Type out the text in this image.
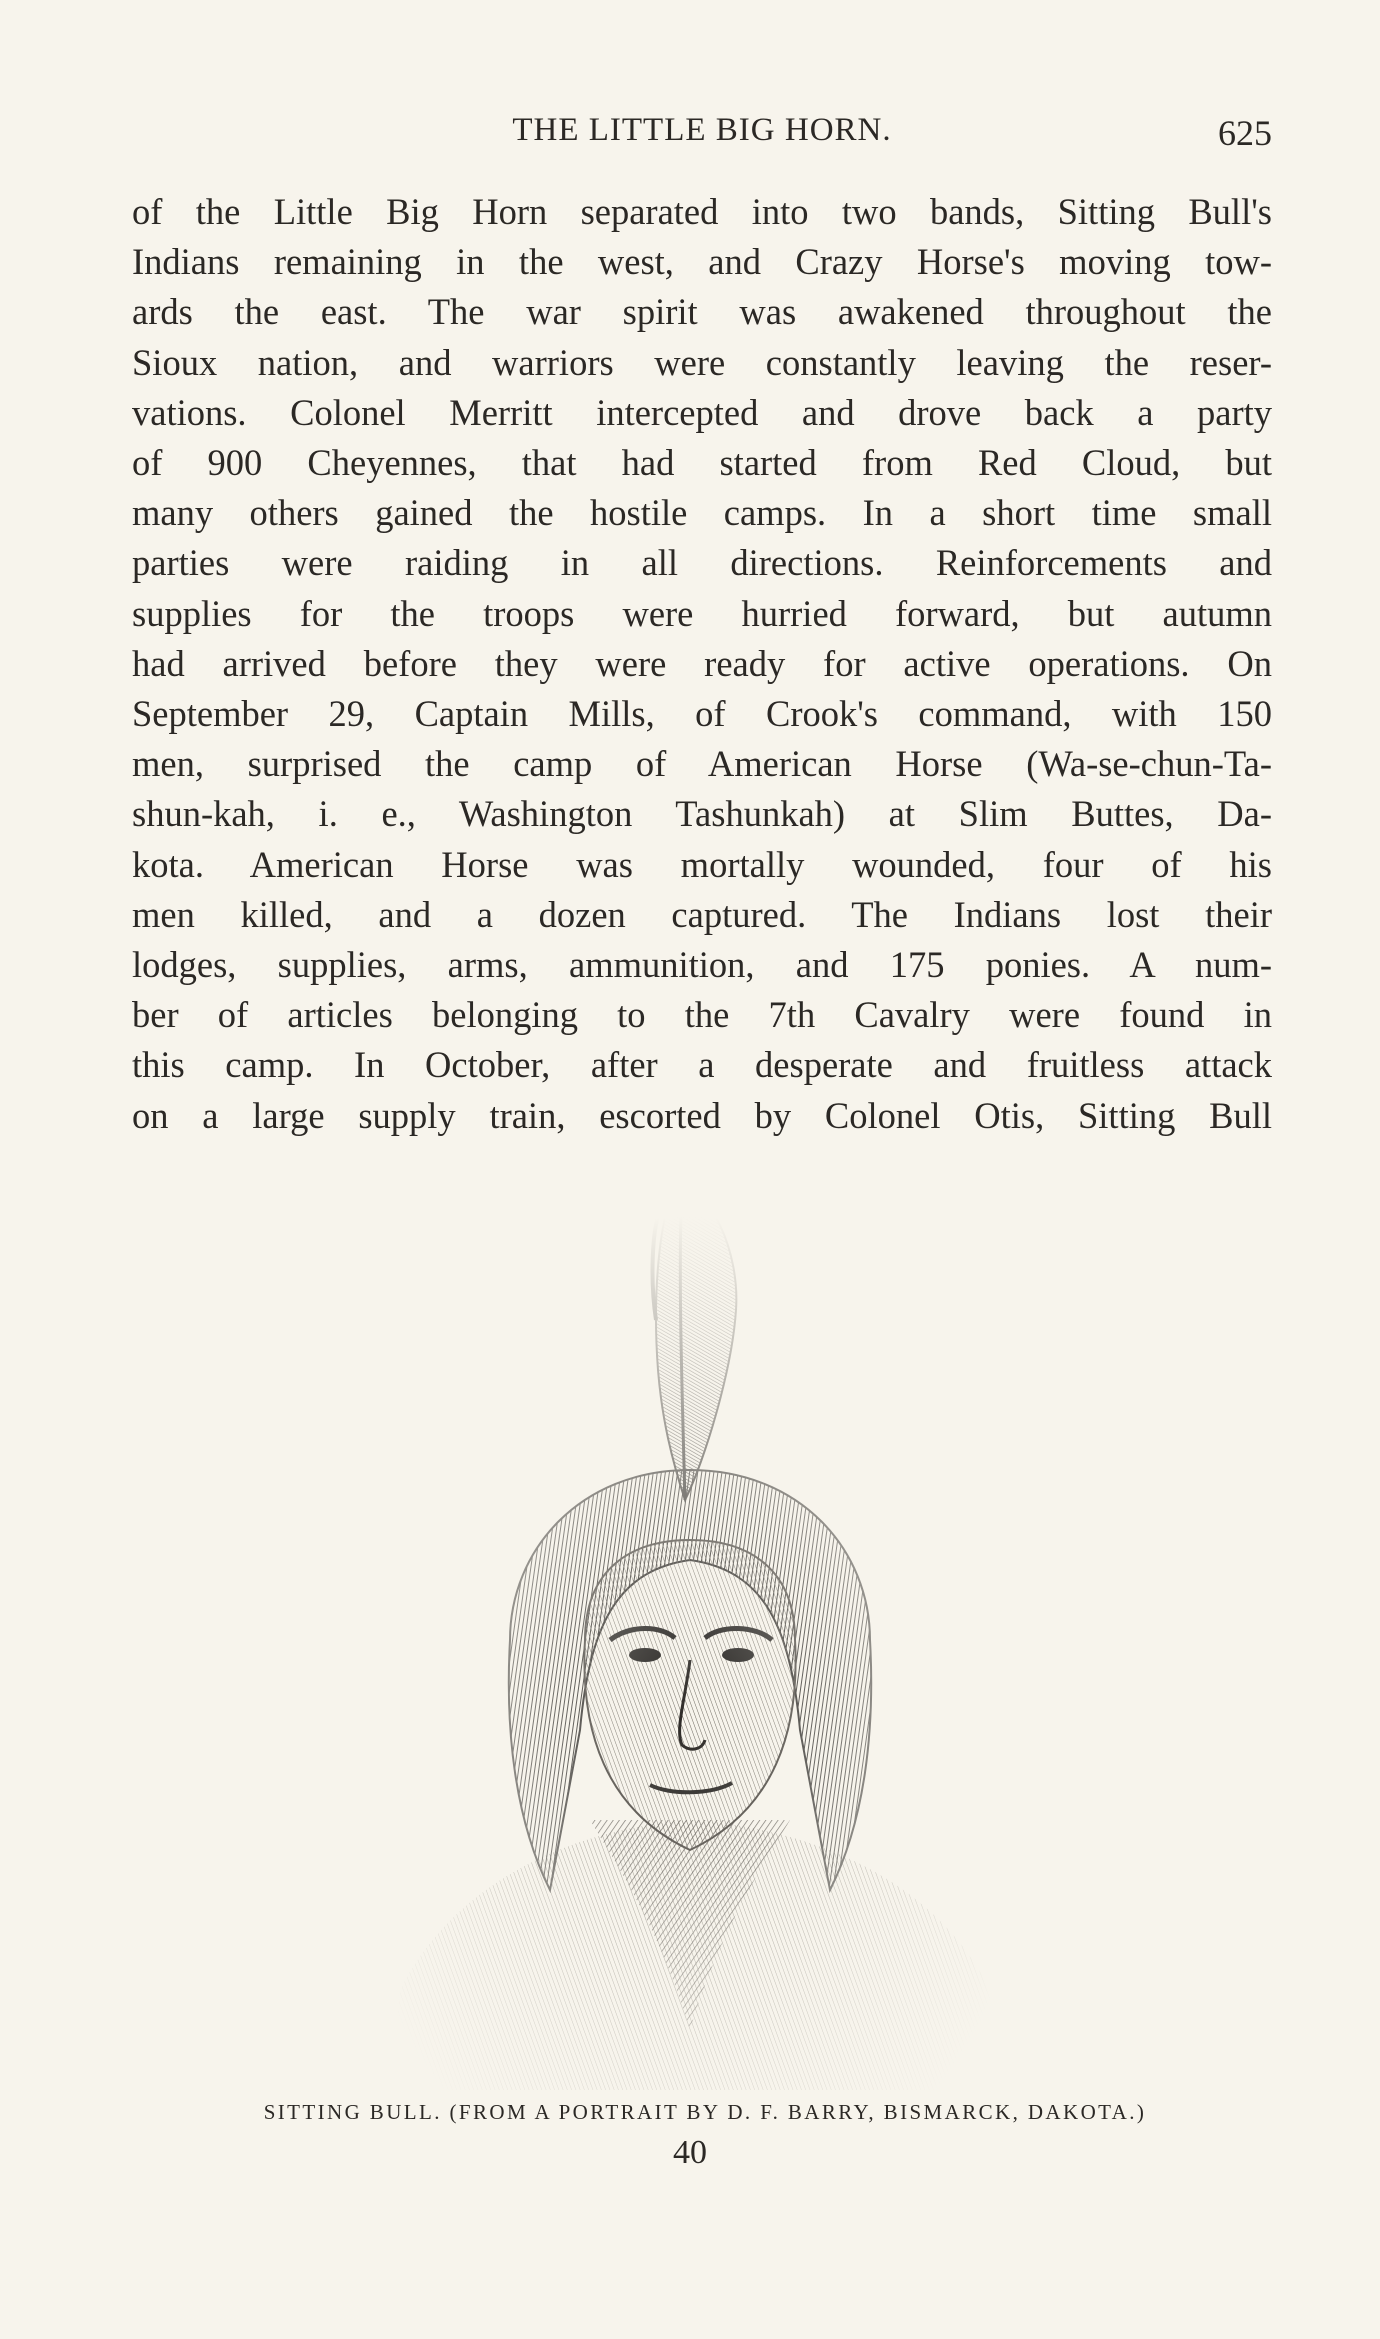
THE LITTLE BIG HORN.	625
of the Little Big Horn separated into two bands, Sitting Bull's
Indians remaining in the west, and Crazy Horse's moving tow-
ards the east. The war spirit was awakened throughout the
Sioux nation, and warriors were constantly leaving the reser-
vations. Colonel Merritt intercepted and drove back a party
of 900 Cheyennes, that had started from Red Cloud, but
many others gained the hostile camps. In a short time small
parties were raiding in all directions. Reinforcements and
supplies for the troops were hurried forward, but autumn
had arrived before they were ready for active operations. On
September 29, Captain Mills, of Crook's command, with 150
men, surprised the camp of American Horse (Wa-se-chun-Ta-
shun-kah, i. e., Washington Tashunkah) at Slim Buttes, Da-
kota. American Horse was mortally wounded, four of his
men killed, and a dozen captured. The Indians lost their
lodges, supplies, arms, ammunition, and 175 ponies. A num-
ber of articles belonging to the 7th Cavalry were found in
this camp. In October, after a desperate and fruitless attack
on a large supply train, escorted by Colonel Otis, Sitting Bull
SITTING BULL. (FROM A PORTRAIT BY D. F. BARRY, BISMARCK, DAKOTA.)
40
